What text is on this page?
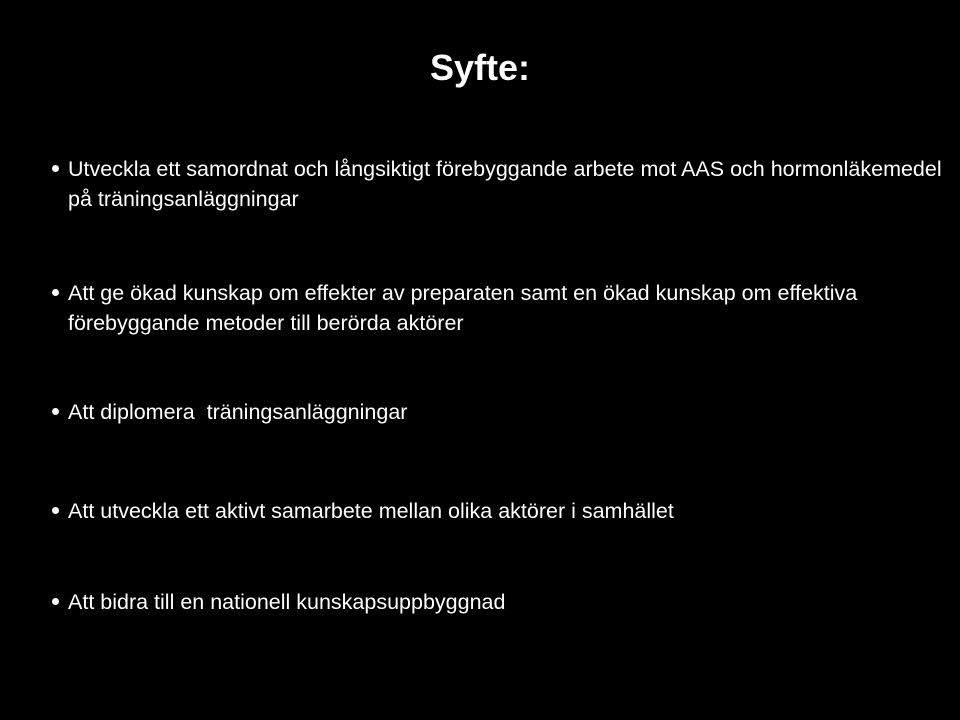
Syfte:
Utveckla ett samordnat och långsiktigt förebyggande arbete mot AAS och hormonläkemedel på träningsanläggningar
Att ge ökad kunskap om effekter av preparaten samt en ökad kunskap om effektiva förebyggande metoder till berörda aktörer
Att diplomera  träningsanläggningar
Att utveckla ett aktivt samarbete mellan olika aktörer i samhället
Att bidra till en nationell kunskapsuppbyggnad
